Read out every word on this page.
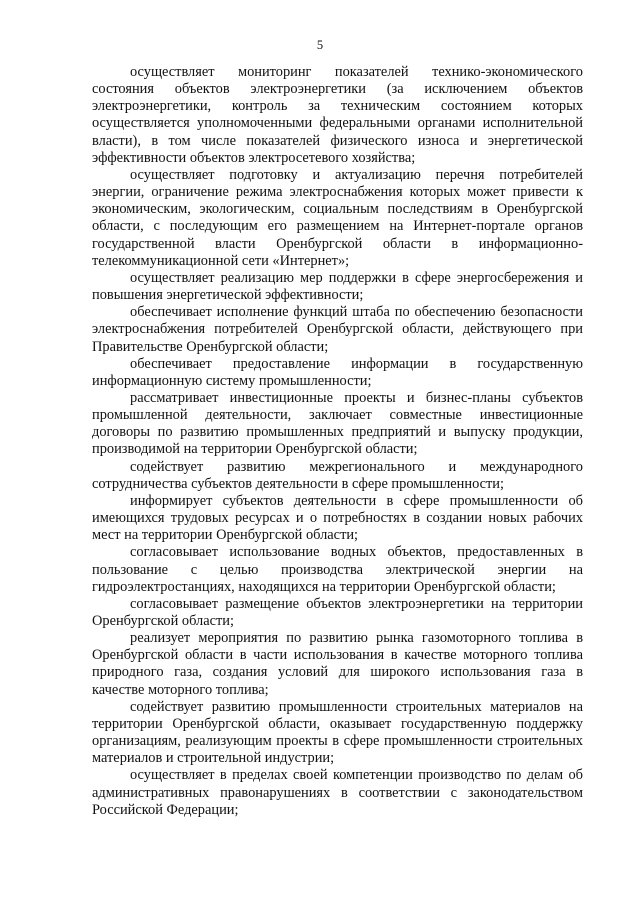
5

осуществляет мониторинг показателей технико-экономического состояния объектов электроэнергетики (за исключением объектов электроэнергетики, контроль за техническим состоянием которых осуществляется уполномоченными федеральными органами исполнительной власти), в том числе показателей физического износа и энергетической эффективности объектов электросетевого хозяйства;

осуществляет подготовку и актуализацию перечня потребителей энергии, ограничение режима электроснабжения которых может привести к экономическим, экологическим, социальным последствиям в Оренбургской области, с последующим его размещением на Интернет-портале органов государственной власти Оренбургской области в информационно-телекоммуникационной сети «Интернет»;

осуществляет реализацию мер поддержки в сфере энергосбережения и повышения энергетической эффективности;

обеспечивает исполнение функций штаба по обеспечению безопасности электроснабжения потребителей Оренбургской области, действующего при Правительстве Оренбургской области;

обеспечивает предоставление информации в государственную информационную систему промышленности;

рассматривает инвестиционные проекты и бизнес-планы субъектов промышленной деятельности, заключает совместные инвестиционные договоры по развитию промышленных предприятий и выпуску продукции, производимой на территории Оренбургской области;

содействует развитию межрегионального и международного сотрудничества субъектов деятельности в сфере промышленности;

информирует субъектов деятельности в сфере промышленности об имеющихся трудовых ресурсах и о потребностях в создании новых рабочих мест на территории Оренбургской области;

согласовывает использование водных объектов, предоставленных в пользование с целью производства электрической энергии на гидроэлектростанциях, находящихся на территории Оренбургской области;

согласовывает размещение объектов электроэнергетики на территории Оренбургской области;

реализует мероприятия по развитию рынка газомоторного топлива в Оренбургской области в части использования в качестве моторного топлива природного газа, создания условий для широкого использования газа в качестве моторного топлива;

содействует развитию промышленности строительных материалов на территории Оренбургской области, оказывает государственную поддержку организациям, реализующим проекты в сфере промышленности строительных материалов и строительной индустрии;

осуществляет в пределах своей компетенции производство по делам об административных правонарушениях в соответствии с законодательством Российской Федерации;
